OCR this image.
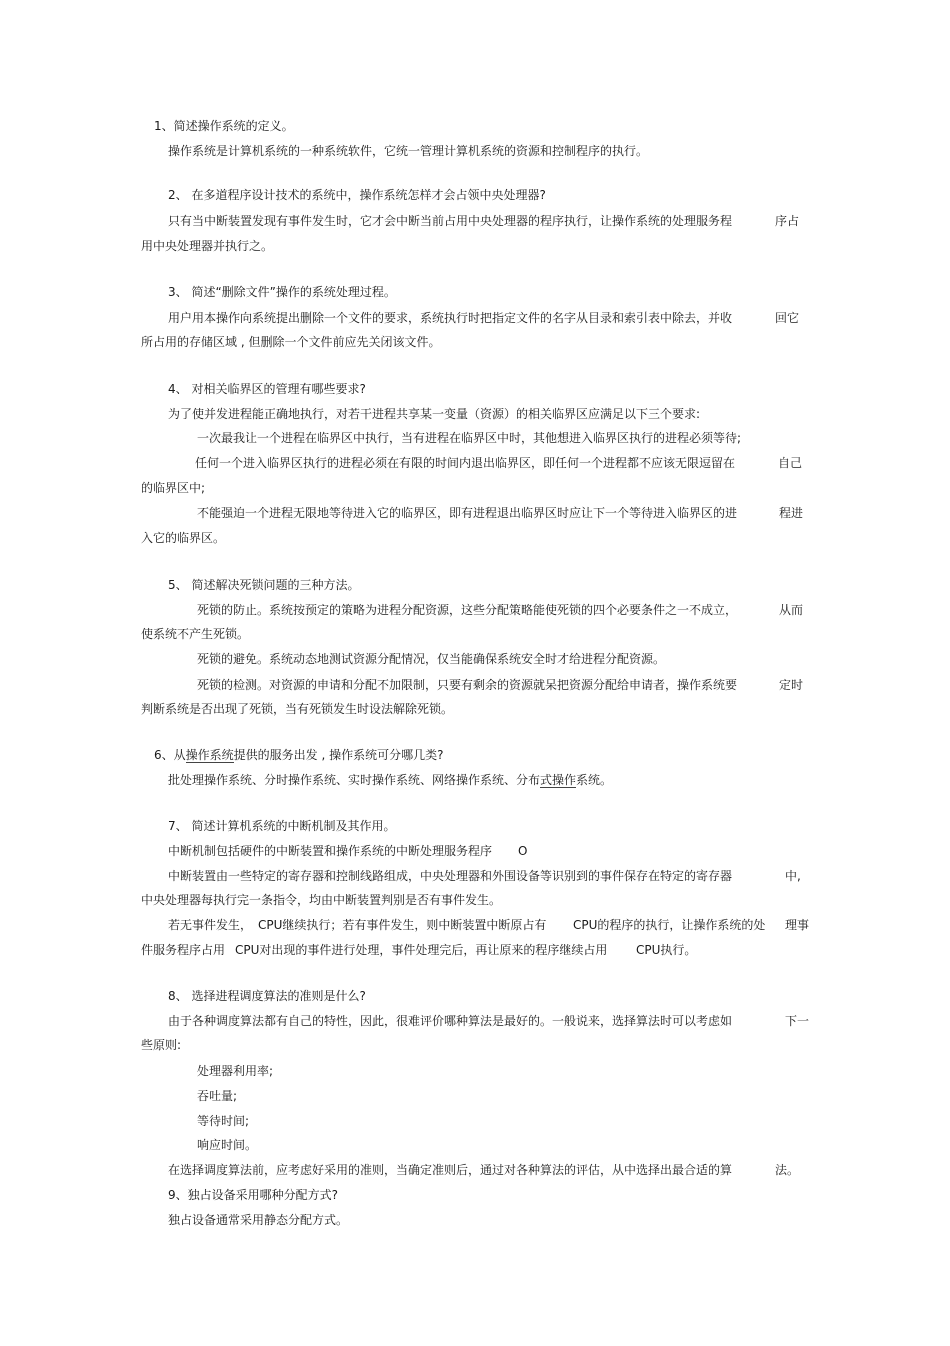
1、简述操作系统的定义。
操作系统是计算机系统的一种系统软件，它统一管理计算机系统的资源和控制程序的执行。
2、 在多道程序设计技术的系统中，操作系统怎样才会占领中央处理器?
只有当中断装置发现有事件发生时，它才会中断当前占用中央处理器的程序执行，让操作系统的处理服务程	序占
用中央处理器并执行之。
3、 简述“删除文件”操作的系统处理过程。
用户用本操作向系统提出删除一个文件的要求，系统执行时把指定文件的名字从目录和索引表中除去，并收	回它
所占用的存储区域 , 但删除一个文件前应先关闭该文件。
4、 对相关临界区的管理有哪些要求?
为了使并发进程能正确地执行，对若干进程共享某一变量（资源）的相关临界区应满足以下三个要求:
一次最我让一个进程在临界区中执行，当有进程在临界区中时，其他想进入临界区执行的进程必须等待;
任何一个进入临界区执行的进程必须在有限的时间内退出临界区，即任何一个进程都不应该无限逗留在	自己
的临界区中;
不能强迫一个进程无限地等待进入它的临界区，即有进程退出临界区时应让下一个等待进入临界区的进	程进
入它的临界区。
5、 简述解决死锁问题的三种方法。
死锁的防止。系统按预定的策略为进程分配资源，这些分配策略能使死锁的四个必要条件之一不成立，	从而
使系统不产生死锁。
死锁的避免。系统动态地测试资源分配情况，仅当能确保系统安全时才给进程分配资源。
死锁的检测。对资源的申请和分配不加限制，只要有剩余的资源就呆把资源分配给申请者，操作系统要	定时
判断系统是否出现了死锁，当有死锁发生时设法解除死锁。
6、从操作系统提供的服务出发 , 操作系统可分哪几类?
批处理操作系统、分时操作系统、实时操作系统、网络操作系统、分布式操作系统。
7、 简述计算机系统的中断机制及其作用。
中断机制包括硬件的中断装置和操作系统的中断处理服务程序 O
中断装置由一些特定的寄存器和控制线路组成，中央处理器和外围设备等识别到的事件保存在特定的寄存器	中,
中央处理器每执行完一条指令，均由中断装置判别是否有事件发生。
若无事件发生， CPU继续执行；若有事件发生，则中断装置中断原占有 CPU的程序的执行，让操作系统的处 理事
件服务程序占用 CPU对出现的事件进行处理，事件处理完后，再让原来的程序继续占用 CPU执行。
8、 选择进程调度算法的准则是什么?
由于各种调度算法都有自己的特性，因此，很难评价哪种算法是最好的。一般说来，选择算法时可以考虑如	下一
些原则:
处理器利用率;
吞吐量;
等待时间;
响应时间。
在选择调度算法前，应考虑好采用的准则，当确定准则后，通过对各种算法的评估，从中选择出最合适的算	法。
9、独占设备采用哪种分配方式?
独占设备通常采用静态分配方式。
